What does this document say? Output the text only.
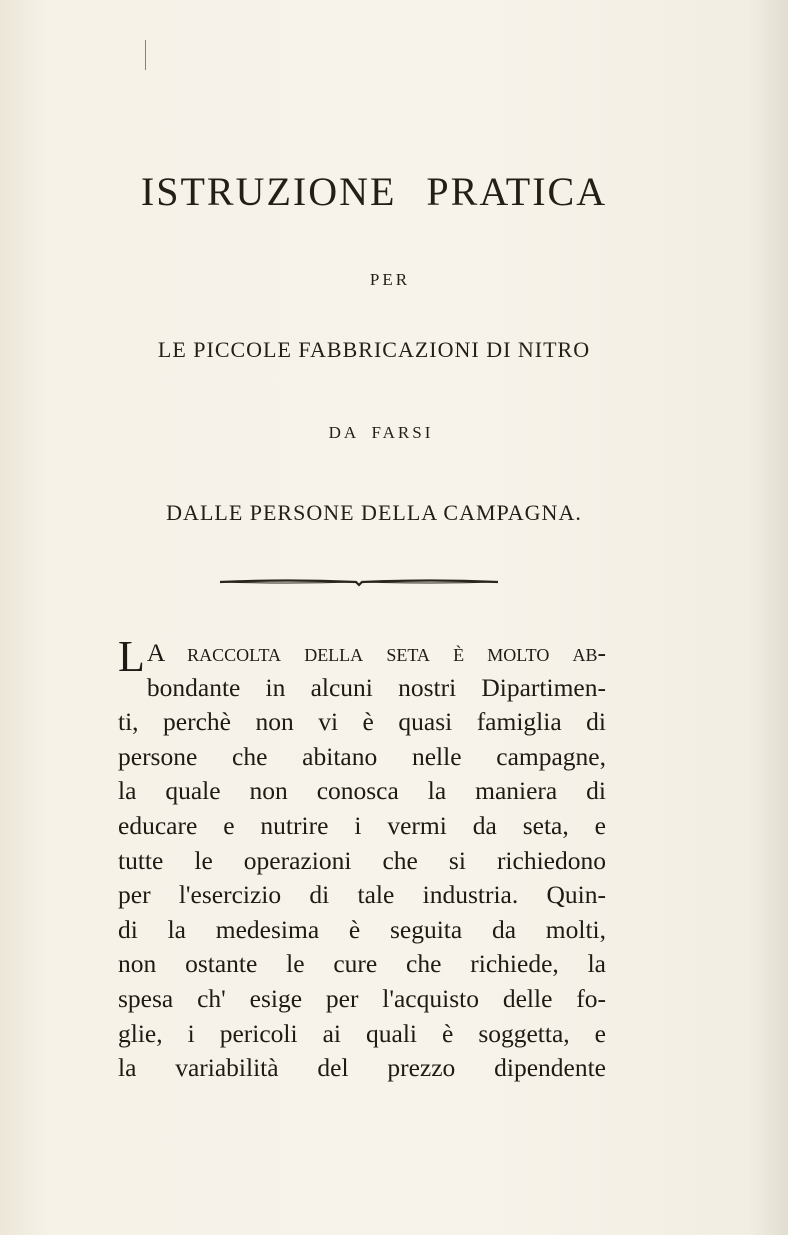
ISTRUZIONE PRATICA
PER
LE PICCOLE FABBRICAZIONI DI NITRO
DA FARSI
DALLE PERSONE DELLA CAMPAGNA.
L A raccolta della seta è molto ab-
bondante in alcuni nostri Dipartimen-
ti, perchè non vi è quasi famiglia di
persone che abitano nelle campagne,
la quale non conosca la maniera di
educare e nutrire i vermi da seta, e
tutte le operazioni che si richiedono
per l'esercizio di tale industria. Quin-
di la medesima è seguita da molti,
non ostante le cure che richiede, la
spesa ch' esige per l'acquisto delle fo-
glie, i pericoli ai quali è soggetta, e
la variabilità del prezzo dipendente
